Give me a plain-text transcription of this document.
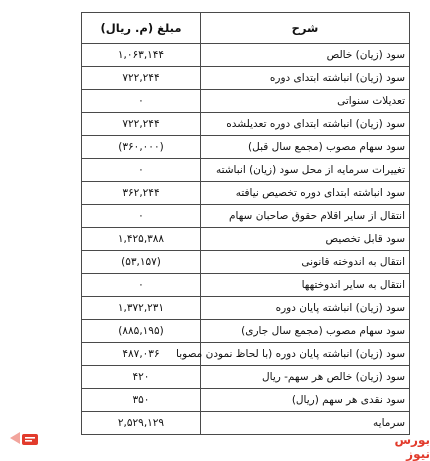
شرح	مبلغ (م. ریال)
سود (زیان) خالص	۱,۰۶۳,۱۴۴
سود (زیان) انباشته ابتدای دوره	۷۲۲,۲۴۴
تعدیلات سنواتی	۰
سود (زیان) انباشته ابتدای دوره تعدیلشده	۷۲۲,۲۴۴
سود سهام مصوب (مجمع سال قبل)	(۳۶۰,۰۰۰)
تغییرات سرمایه از محل سود (زیان) انباشته	۰
سود انباشته ابتدای دوره تخصیص نیافته	۳۶۲,۲۴۴
انتقال از سایر اقلام حقوق صاحبان سهام	۰
سود قابل تخصیص	۱,۴۲۵,۳۸۸
انتقال به اندوخته قانونی	(۵۳,۱۵۷)
انتقال به سایر اندوختهها	۰
سود (زیان) انباشته پایان دوره	۱,۳۷۲,۲۳۱
سود سهام مصوب (مجمع سال جاری)	(۸۸۵,۱۹۵)
سود (زیان) انباشته پایان دوره (با لحاظ نمودن مصوبا	۴۸۷,۰۳۶
سود (زیان) خالص هر سهم- ریال	۴۲۰
سود نقدی هر سهم (ریال)	۳۵۰
سرمایه	۲,۵۲۹,۱۲۹
بورس نیوز
